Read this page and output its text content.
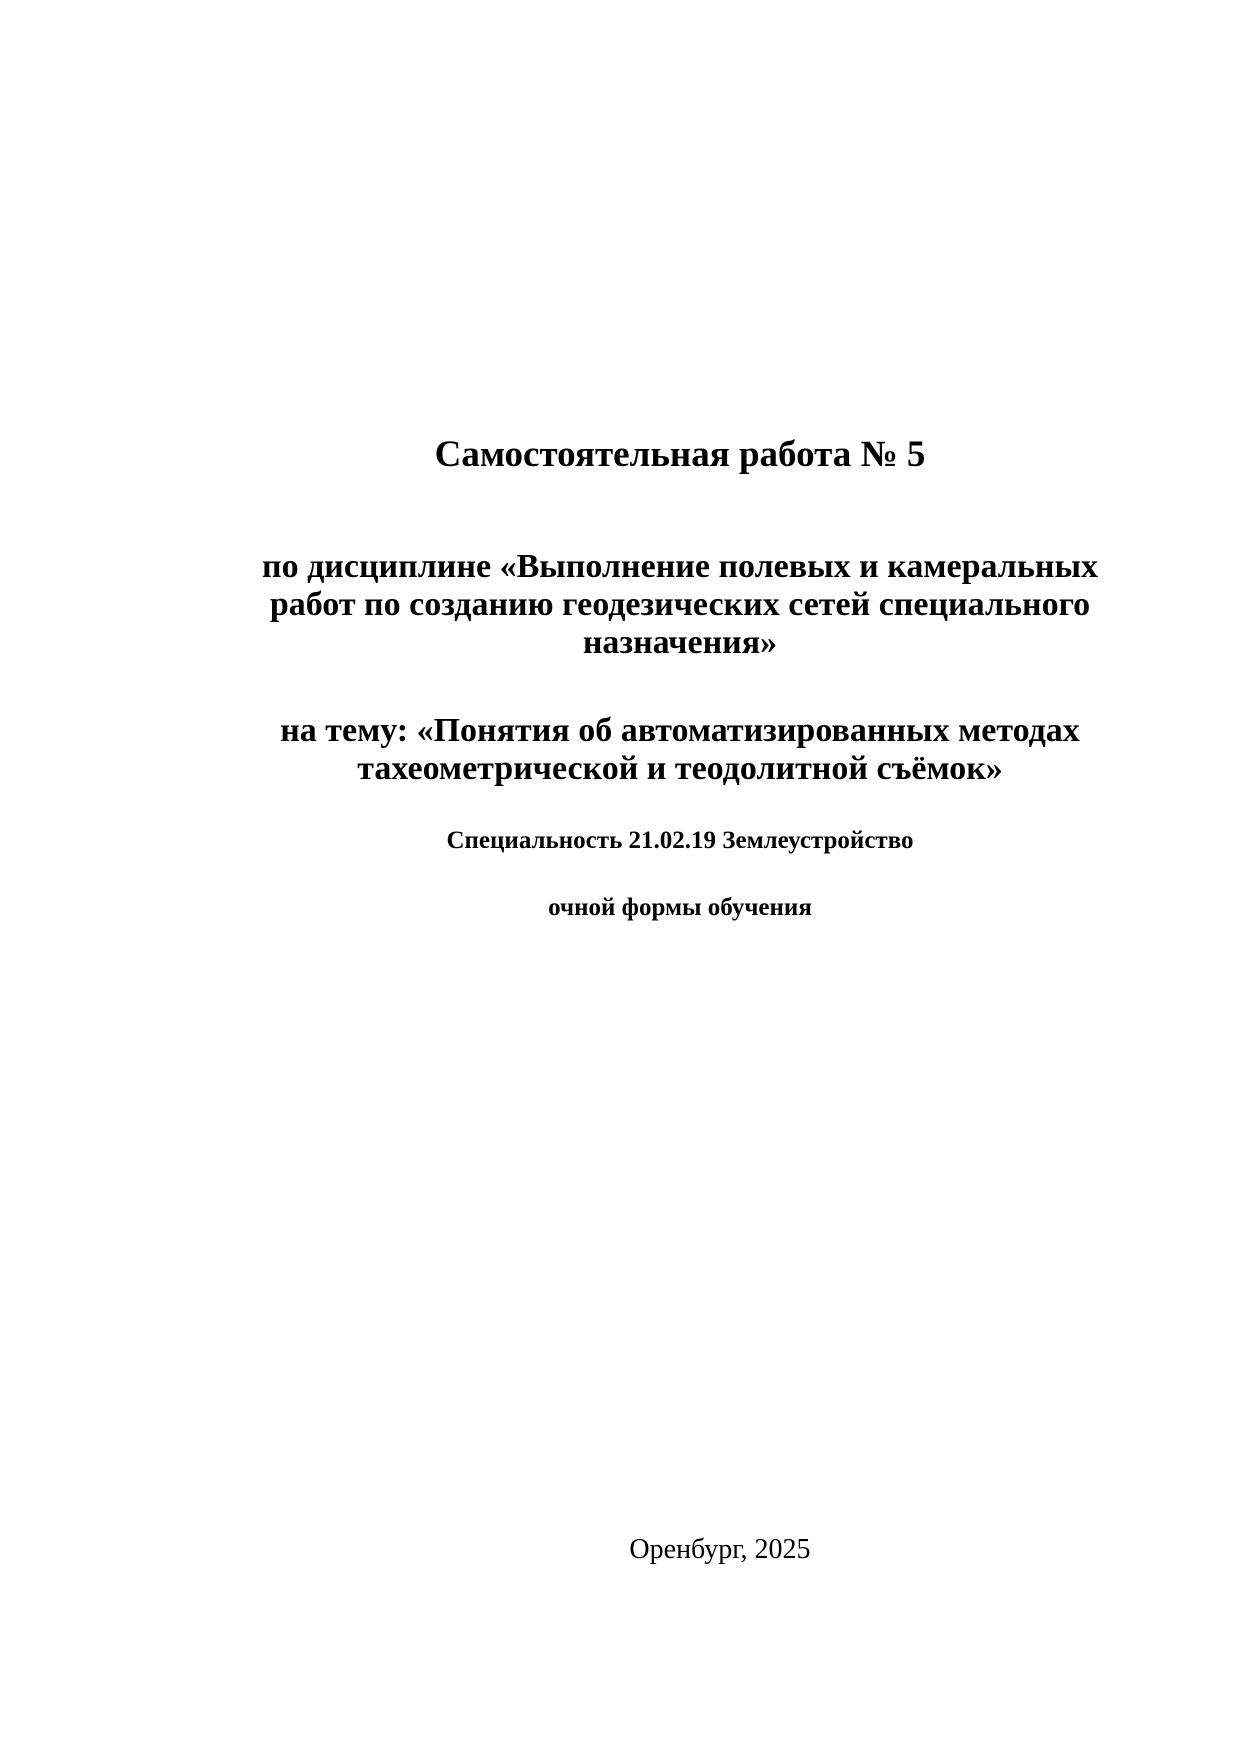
Самостоятельная работа № 5
по дисциплине «Выполнение полевых и камеральных
работ по созданию геодезических сетей специального
назначения»
на тему: «Понятия об автоматизированных методах
тахеометрической и теодолитной съёмок»
Специальность 21.02.19 Землеустройство
очной формы обучения
Оренбург, 2025
